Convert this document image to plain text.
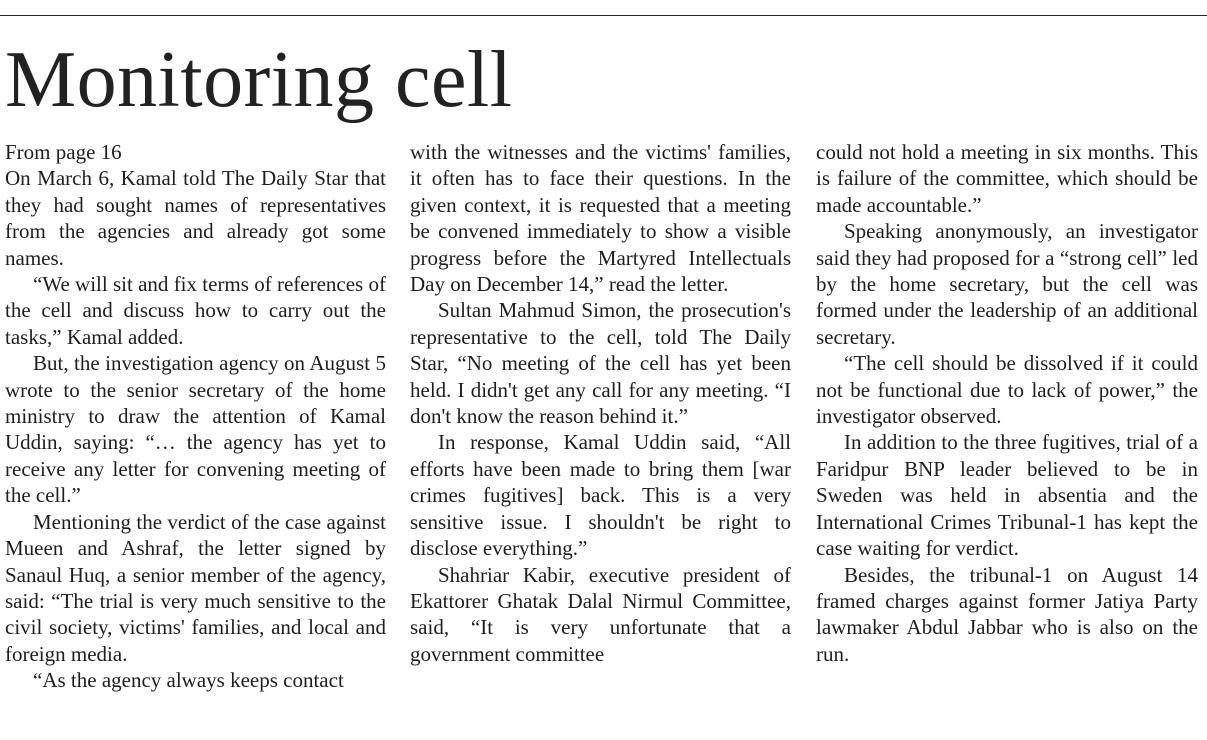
Monitoring cell

From page 16

On March 6, Kamal told The Daily Star that they had sought names of representatives from the agencies and already got some names.

“We will sit and fix terms of references of the cell and discuss how to carry out the tasks,” Kamal added.

But, the investigation agency on August 5 wrote to the senior secretary of the home ministry to draw the attention of Kamal Uddin, saying: “… the agency has yet to receive any letter for convening meeting of the cell.”

Mentioning the verdict of the case against Mueen and Ashraf, the letter signed by Sanaul Huq, a senior member of the agency, said: “The trial is very much sensitive to the civil society, victims' families, and local and foreign media.

“As the agency always keeps contact

with the witnesses and the victims' families, it often has to face their questions. In the given context, it is requested that a meeting be convened immediately to show a visible progress before the Martyred Intellectuals Day on December 14,” read the letter.

Sultan Mahmud Simon, the prosecution's representative to the cell, told The Daily Star, “No meeting of the cell has yet been held. I didn't get any call for any meeting. “I don't know the reason behind it.”

In response, Kamal Uddin said, “All efforts have been made to bring them [war crimes fugitives] back. This is a very sensitive issue. I shouldn't be right to disclose everything.”

Shahriar Kabir, executive president of Ekattorer Ghatak Dalal Nirmul Committee, said, “It is very unfortunate that a government committee

could not hold a meeting in six months. This is failure of the committee, which should be made accountable.”

Speaking anonymously, an investigator said they had proposed for a “strong cell” led by the home secretary, but the cell was formed under the leadership of an additional secretary.

“The cell should be dissolved if it could not be functional due to lack of power,” the investigator observed.

In addition to the three fugitives, trial of a Faridpur BNP leader believed to be in Sweden was held in absentia and the International Crimes Tribunal-1 has kept the case waiting for verdict.

Besides, the tribunal-1 on August 14 framed charges against former Jatiya Party lawmaker Abdul Jabbar who is also on the run.
